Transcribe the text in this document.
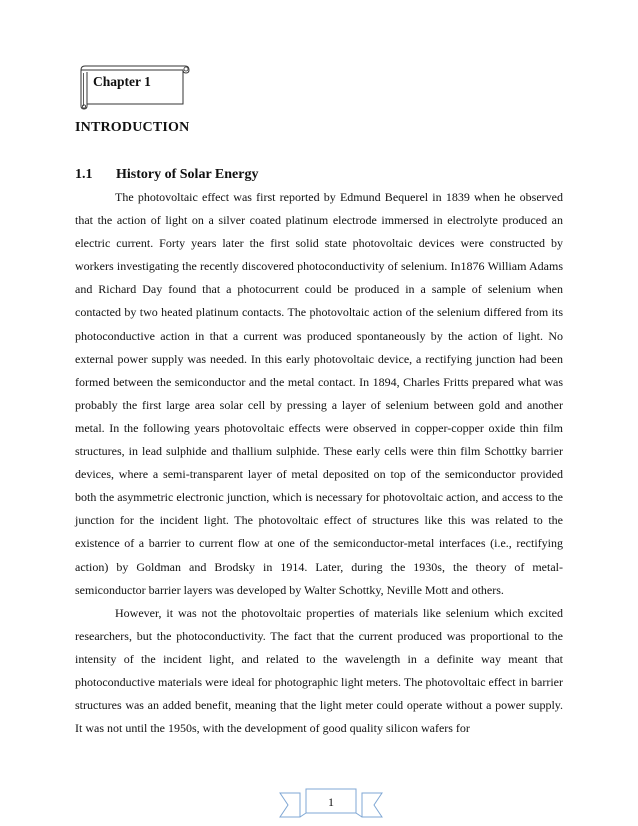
Chapter 1
INTRODUCTION
1.1 History of Solar Energy

The photovoltaic effect was first reported by Edmund Bequerel in 1839 when he observed that the action of light on a silver coated platinum electrode immersed in electrolyte produced an electric current. Forty years later the first solid state photovoltaic devices were constructed by workers investigating the recently discovered photoconductivity of selenium. In1876 William Adams and Richard Day found that a photocurrent could be produced in a sample of selenium when contacted by two heated platinum contacts. The photovoltaic action of the selenium differed from its photoconductive action in that a current was produced spontaneously by the action of light. No external power supply was needed. In this early photovoltaic device, a rectifying junction had been formed between the semiconductor and the metal contact. In 1894, Charles Fritts prepared what was probably the first large area solar cell by pressing a layer of selenium between gold and another metal. In the following years photovoltaic effects were observed in copper-copper oxide thin film structures, in lead sulphide and thallium sulphide. These early cells were thin film Schottky barrier devices, where a semi-transparent layer of metal deposited on top of the semiconductor provided both the asymmetric electronic junction, which is necessary for photovoltaic action, and access to the junction for the incident light. The photovoltaic effect of structures like this was related to the existence of a barrier to current flow at one of the semiconductor-metal interfaces (i.e., rectifying action) by Goldman and Brodsky in 1914. Later, during the 1930s, the theory of metal-semiconductor barrier layers was developed by Walter Schottky, Neville Mott and others.

However, it was not the photovoltaic properties of materials like selenium which excited researchers, but the photoconductivity. The fact that the current produced was proportional to the intensity of the incident light, and related to the wavelength in a definite way meant that photoconductive materials were ideal for photographic light meters. The photovoltaic effect in barrier structures was an added benefit, meaning that the light meter could operate without a power supply. It was not until the 1950s, with the development of good quality silicon wafers for

1
